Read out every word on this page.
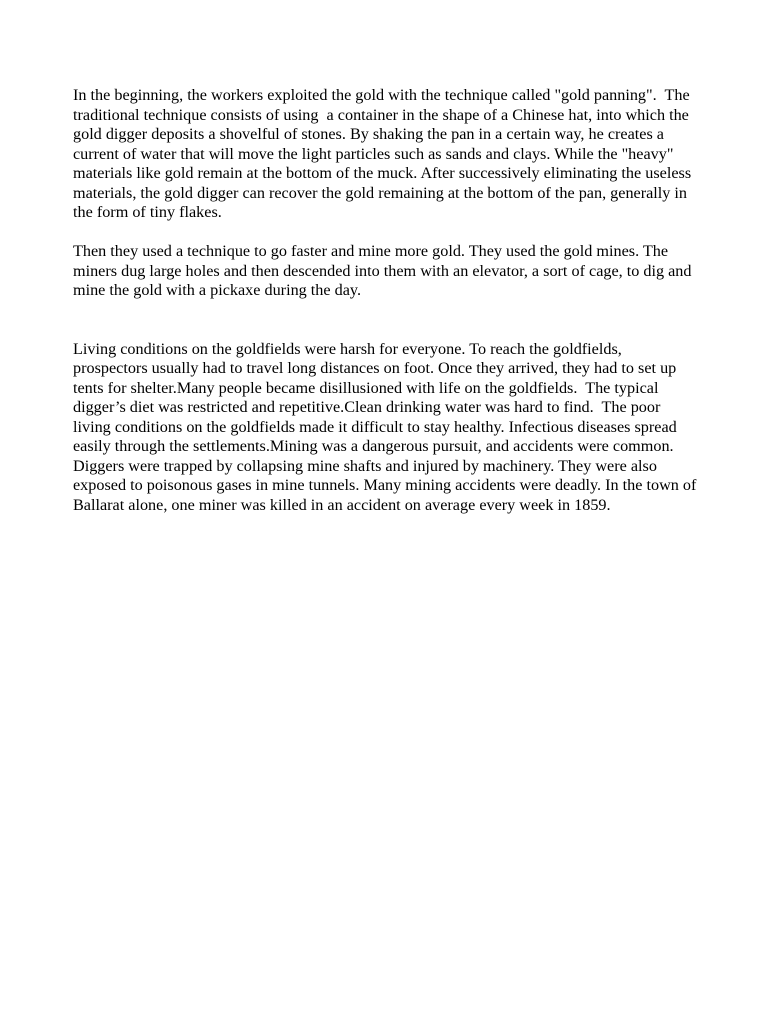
In the beginning, the workers exploited the gold with the technique called "gold panning".  The traditional technique consists of using  a container in the shape of a Chinese hat, into which the gold digger deposits a shovelful of stones. By shaking the pan in a certain way, he creates a current of water that will move the light particles such as sands and clays. While the "heavy" materials like gold remain at the bottom of the muck. After successively eliminating the useless materials, the gold digger can recover the gold remaining at the bottom of the pan, generally in the form of tiny flakes.

Then they used a technique to go faster and mine more gold. They used the gold mines. The miners dug large holes and then descended into them with an elevator, a sort of cage, to dig and mine the gold with a pickaxe during the day.

Living conditions on the goldfields were harsh for everyone. To reach the goldfields, prospectors usually had to travel long distances on foot. Once they arrived, they had to set up tents for shelter.Many people became disillusioned with life on the goldfields.  The typical digger’s diet was restricted and repetitive.Clean drinking water was hard to find.  The poor living conditions on the goldfields made it difficult to stay healthy. Infectious diseases spread easily through the settlements.Mining was a dangerous pursuit, and accidents were common. Diggers were trapped by collapsing mine shafts and injured by machinery. They were also exposed to poisonous gases in mine tunnels. Many mining accidents were deadly. In the town of Ballarat alone, one miner was killed in an accident on average every week in 1859.
